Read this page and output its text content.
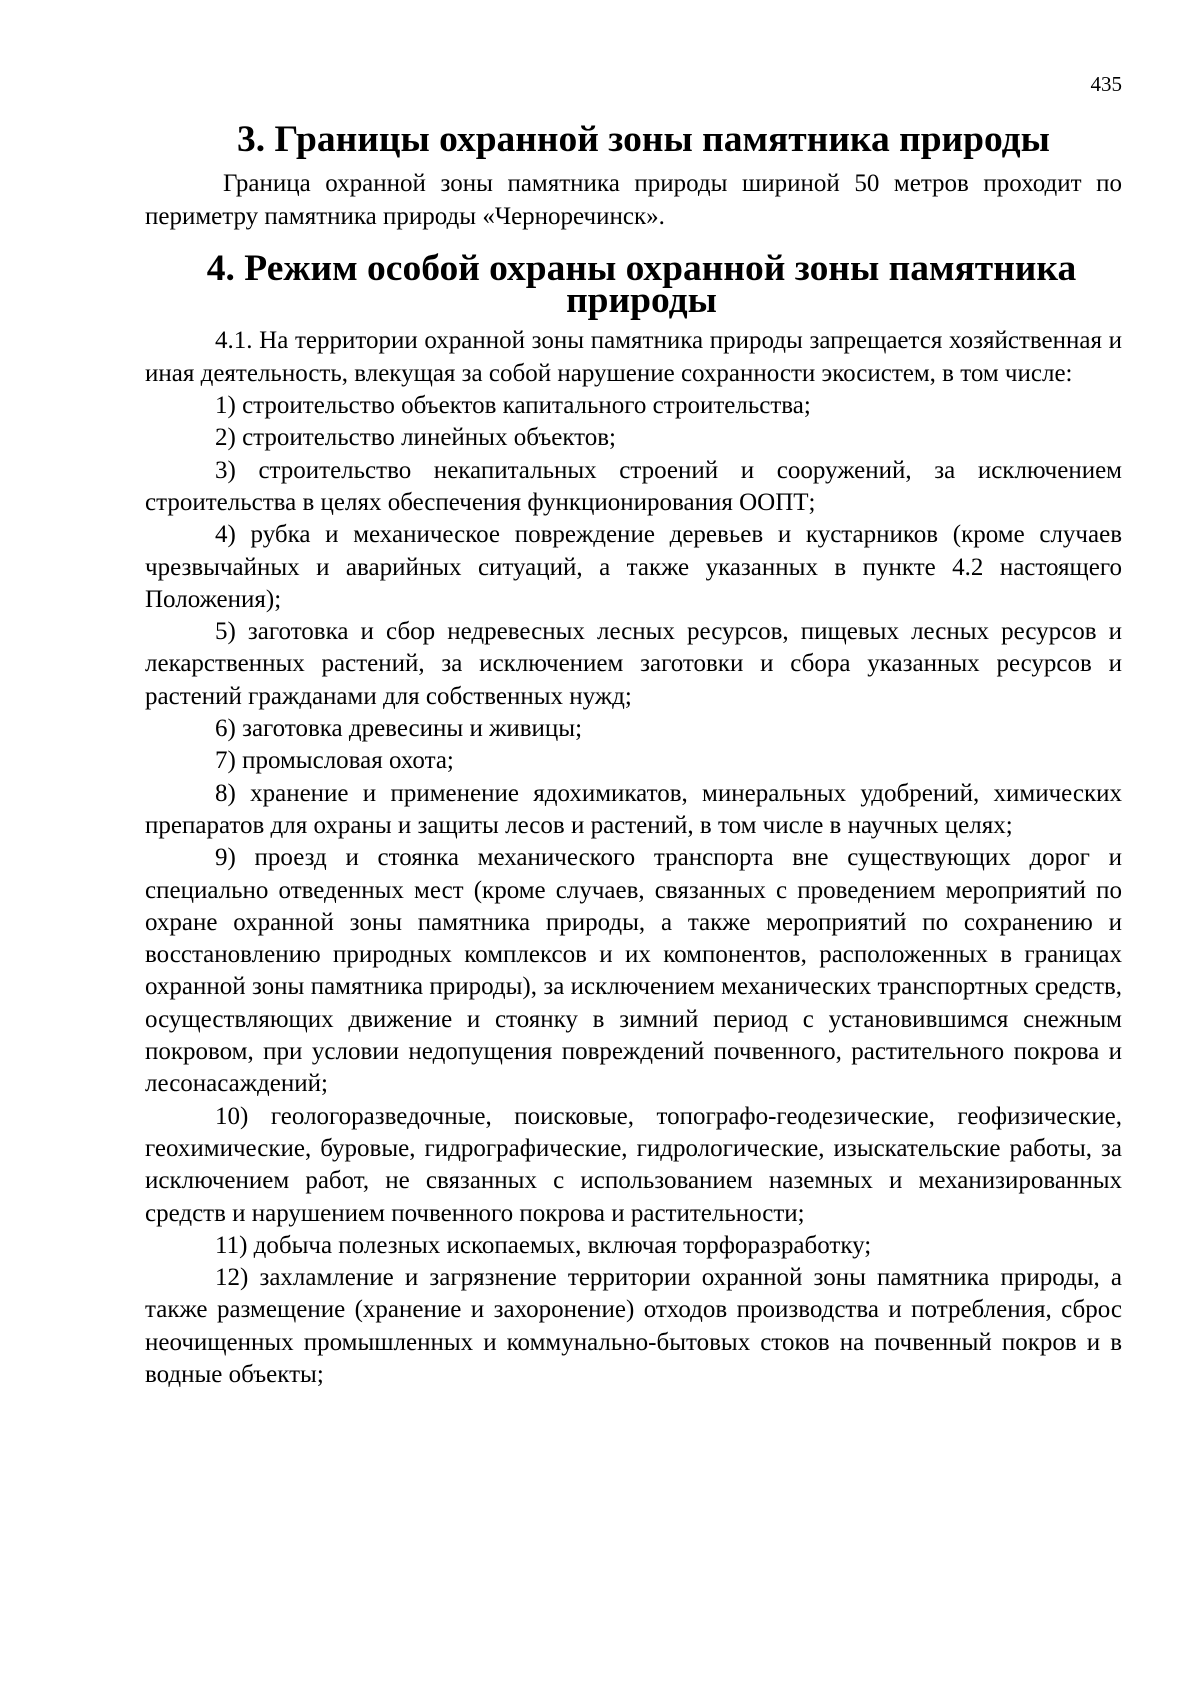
435
3. Границы охранной зоны памятника природы

Граница охранной зоны памятника природы шириной 50 метров проходит по периметру памятника природы «Черноречинск».

4. Режим особой охраны охранной зоны памятника природы

4.1. На территории охранной зоны памятника природы запрещается хозяйственная и иная деятельность, влекущая за собой нарушение сохранности экосистем, в том числе:

1) строительство объектов капитального строительства;
2) строительство линейных объектов;
3) строительство некапитальных строений и сооружений, за исключением строительства в целях обеспечения функционирования ООПТ;
4) рубка и механическое повреждение деревьев и кустарников (кроме случаев чрезвычайных и аварийных ситуаций, а также указанных в пункте 4.2 настоящего Положения);
5) заготовка и сбор недревесных лесных ресурсов, пищевых лесных ресурсов и лекарственных растений, за исключением заготовки и сбора указанных ресурсов и растений гражданами для собственных нужд;
6) заготовка древесины и живицы;
7) промысловая охота;
8) хранение и применение ядохимикатов, минеральных удобрений, химических препаратов для охраны и защиты лесов и растений, в том числе в научных целях;
9) проезд и стоянка механического транспорта вне существующих дорог и специально отведенных мест (кроме случаев, связанных с проведением мероприятий по охране охранной зоны памятника природы, а также мероприятий по сохранению и восстановлению природных комплексов и их компонентов, расположенных в границах охранной зоны памятника природы), за исключением механических транспортных средств, осуществляющих движение и стоянку в зимний период с установившимся снежным покровом, при условии недопущения повреждений почвенного, растительного покрова и лесонасаждений;
10) геологоразведочные, поисковые, топографо-геодезические, геофизические, геохимические, буровые, гидрографические, гидрологические, изыскательские работы, за исключением работ, не связанных с использованием наземных и механизированных средств и нарушением почвенного покрова и растительности;
11) добыча полезных ископаемых, включая торфоразработку;
12) захламление и загрязнение территории охранной зоны памятника природы, а также размещение (хранение и захоронение) отходов производства и потребления, сброс неочищенных промышленных и коммунально-бытовых стоков на почвенный покров и в водные объекты;
